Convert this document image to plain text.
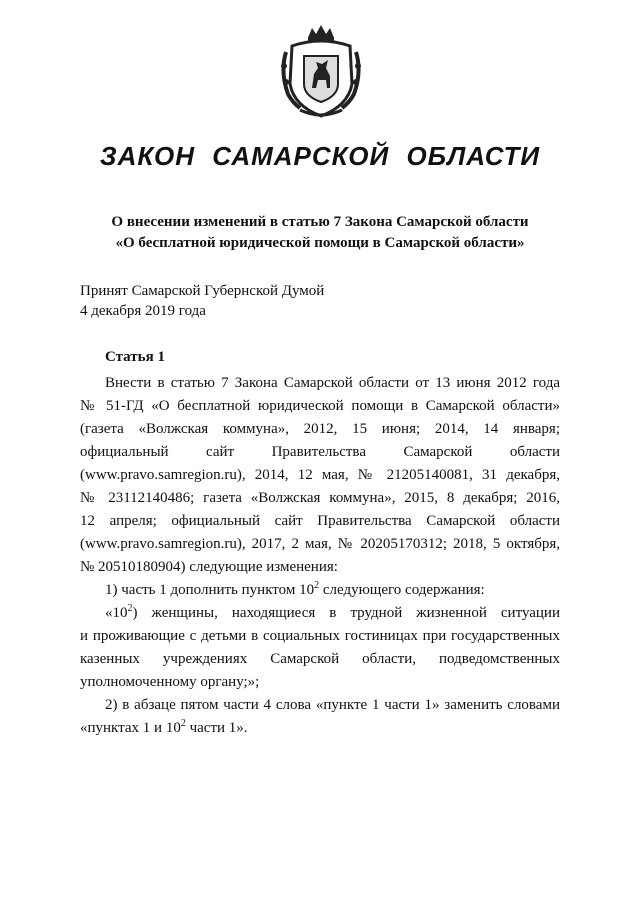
ЗАКОН САМАРСКОЙ ОБЛАСТИ
О внесении изменений в статью 7 Закона Самарской области
«О бесплатной юридической помощи в Самарской области»
Принят Самарской Губернской Думой
4 декабря 2019 года
Статья 1
Внести в статью 7 Закона Самарской области от 13 июня 2012 года
№ 51-ГД «О бесплатной юридической помощи в Самарской области»
(газета «Волжская коммуна», 2012, 15 июня; 2014, 14 января;
официальный сайт Правительства Самарской области
(www.pravo.samregion.ru), 2014, 12 мая, № 21205140081, 31 декабря,
№ 23112140486; газета «Волжская коммуна», 2015, 8 декабря; 2016,
12 апреля; официальный сайт Правительства Самарской области
(www.pravo.samregion.ru), 2017, 2 мая, № 20205170312; 2018, 5 октября,
№ 20510180904) следующие изменения:
1) часть 1 дополнить пунктом $10^2$ следующего содержания:
«$10^2$) женщины, находящиеся в трудной жизненной ситуации
и проживающие с детьми в социальных гостиницах при государственных
казенных учреждениях Самарской области, подведомственных
уполномоченному органу;»;
2) в абзаце пятом части 4 слова «пункте 1 части 1» заменить словами
«пунктах 1 и $10^2$ части 1».
